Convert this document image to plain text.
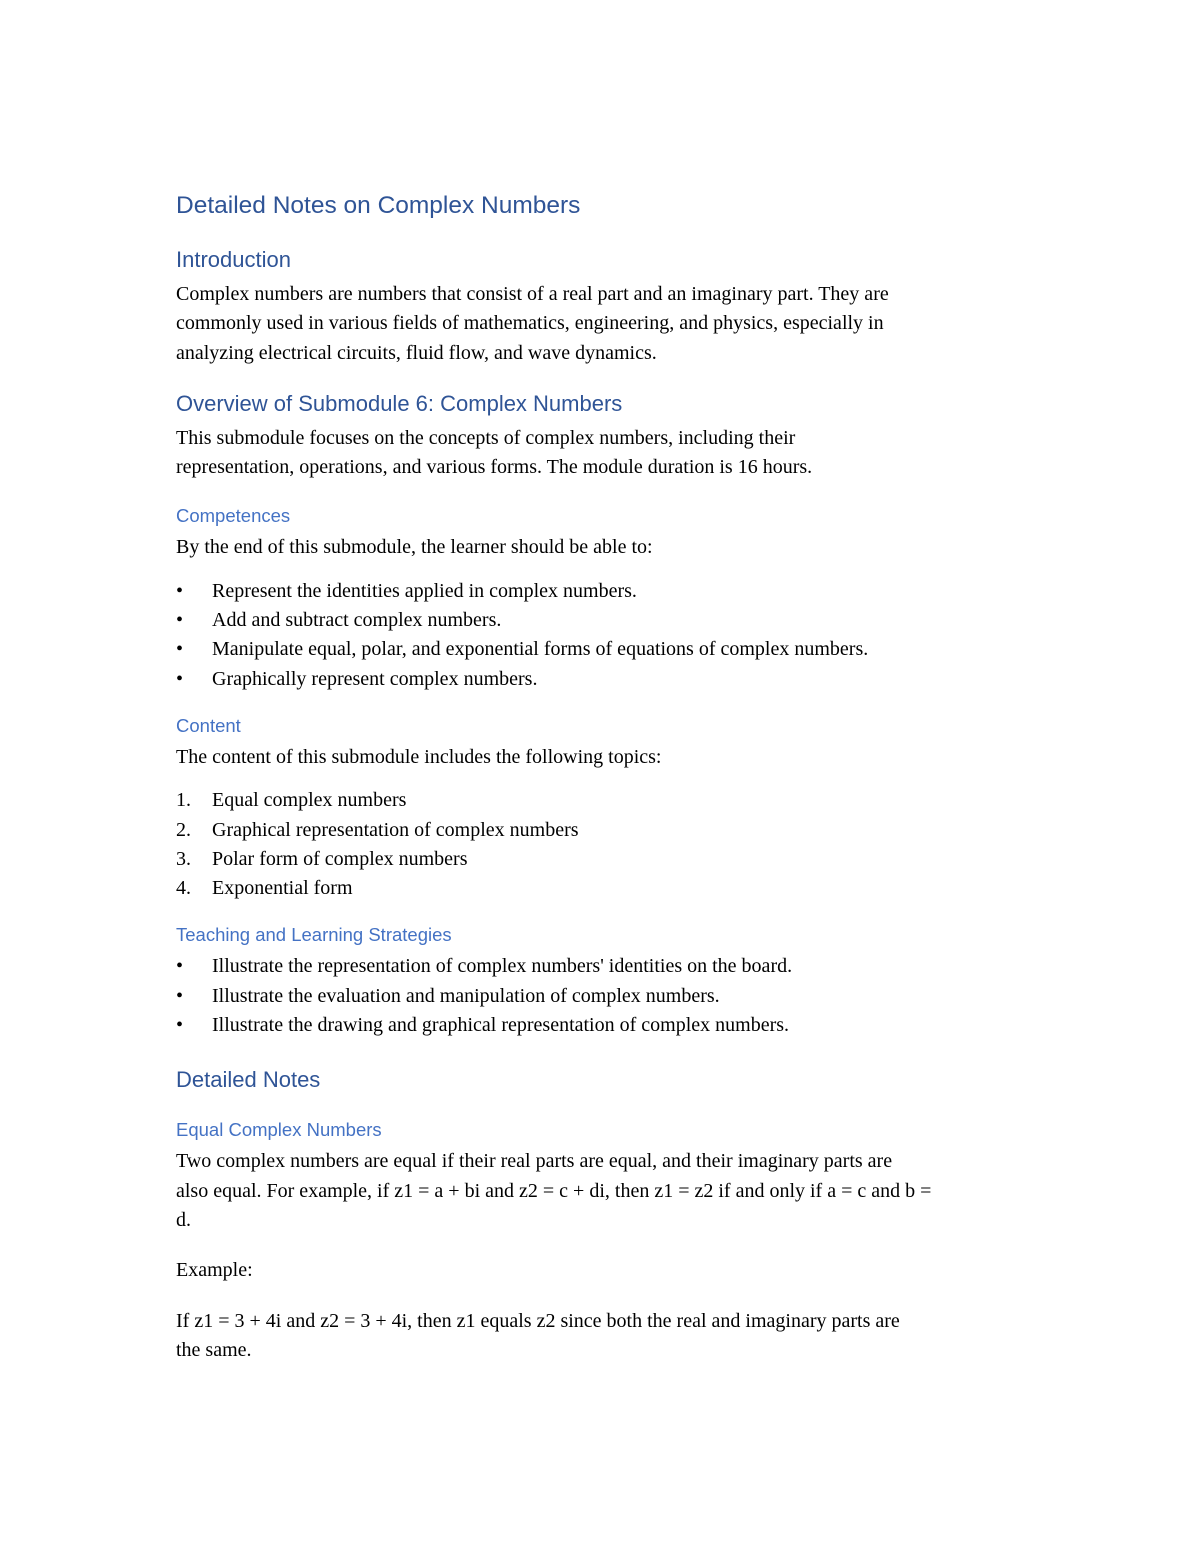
Detailed Notes on Complex Numbers
Introduction

Complex numbers are numbers that consist of a real part and an imaginary part. They are
commonly used in various fields of mathematics, engineering, and physics, especially in
analyzing electrical circuits, fluid flow, and wave dynamics.

Overview of Submodule 6: Complex Numbers

This submodule focuses on the concepts of complex numbers, including their
representation, operations, and various forms. The module duration is 16 hours.

Competences

By the end of this submodule, the learner should be able to:

•	Represent the identities applied in complex numbers.
•	Add and subtract complex numbers.
•	Manipulate equal, polar, and exponential forms of equations of complex numbers.
•	Graphically represent complex numbers.
Content

The content of this submodule includes the following topics:

1. Equal complex numbers
2. Graphical representation of complex numbers
3. Polar form of complex numbers
4. Exponential form
Teaching and Learning Strategies
•	Illustrate the representation of complex numbers' identities on the board.
•	Illustrate the evaluation and manipulation of complex numbers.
•	Illustrate the drawing and graphical representation of complex numbers.
Detailed Notes
Equal Complex Numbers

Two complex numbers are equal if their real parts are equal, and their imaginary parts are
also equal. For example, if z1 = a + bi and z2 = c + di, then z1 = z2 if and only if a = c and b =
d.

Example:

If z1 = 3 + 4i and z2 = 3 + 4i, then z1 equals z2 since both the real and imaginary parts are
the same.
